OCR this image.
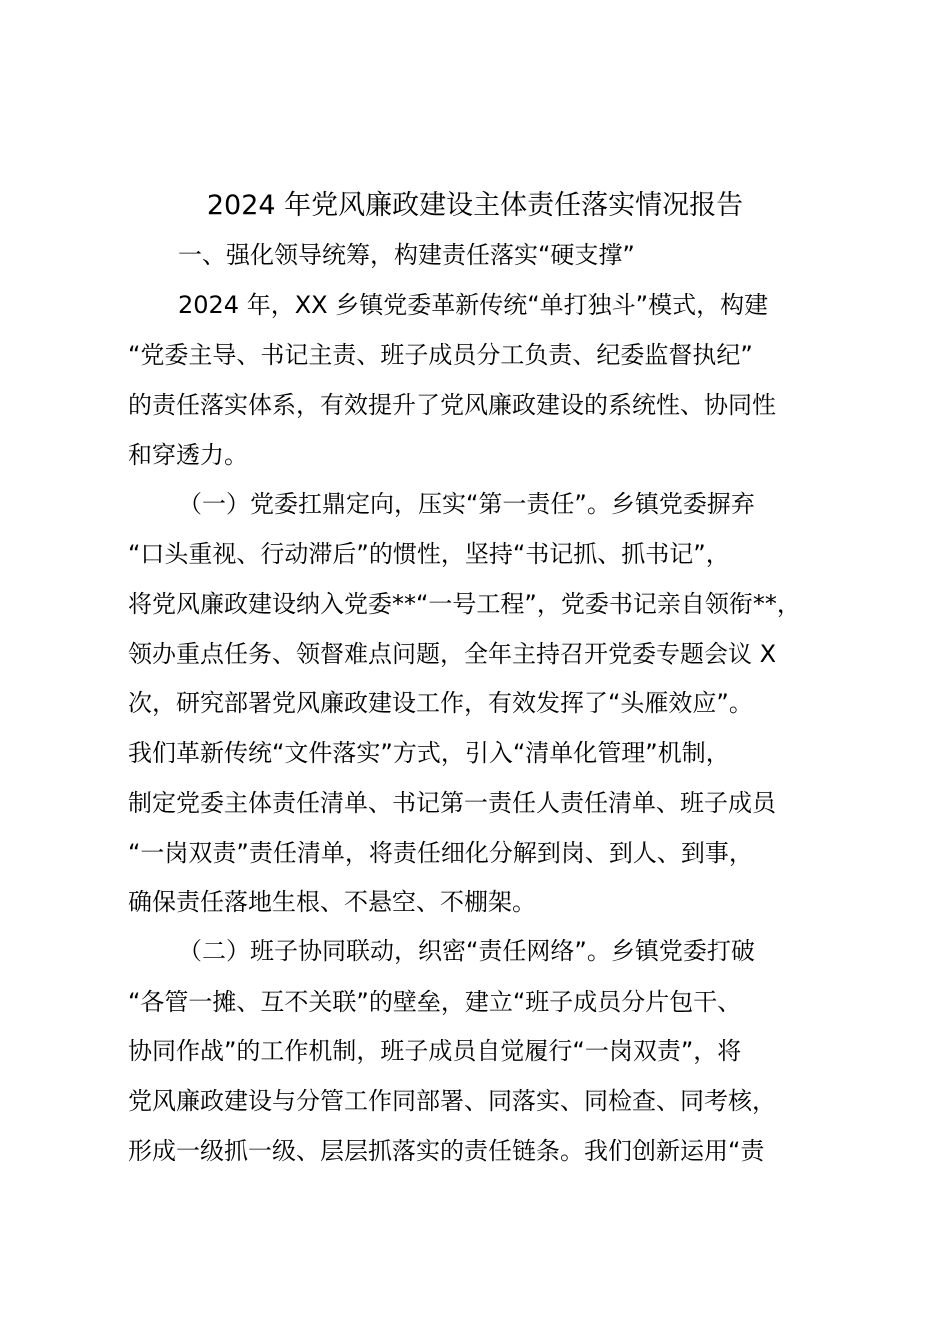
2024 年党风廉政建设主体责任落实情况报告
一、强化领导统筹，构建责任落实“硬支撑”
2024 年，XX 乡镇党委革新传统“单打独斗”模式，构建
“党委主导、书记主责、班子成员分工负责、纪委监督执纪”
的责任落实体系，有效提升了党风廉政建设的系统性、协同性
和穿透力。
（一）党委扛鼎定向，压实“第一责任”。乡镇党委摒弃
“口头重视、行动滞后”的惯性，坚持“书记抓、抓书记”，
将党风廉政建设纳入党委**“一号工程”，党委书记亲自领衔**，
领办重点任务、领督难点问题，全年主持召开党委专题会议 X
次，研究部署党风廉政建设工作，有效发挥了“头雁效应”。
我们革新传统“文件落实”方式，引入“清单化管理”机制，
制定党委主体责任清单、书记第一责任人责任清单、班子成员
“一岗双责”责任清单，将责任细化分解到岗、到人、到事，
确保责任落地生根、不悬空、不棚架。
（二）班子协同联动，织密“责任网络”。乡镇党委打破
“各管一摊、互不关联”的壁垒，建立“班子成员分片包干、
协同作战”的工作机制，班子成员自觉履行“一岗双责”，将
党风廉政建设与分管工作同部署、同落实、同检查、同考核，
形成一级抓一级、层层抓落实的责任链条。我们创新运用“责
